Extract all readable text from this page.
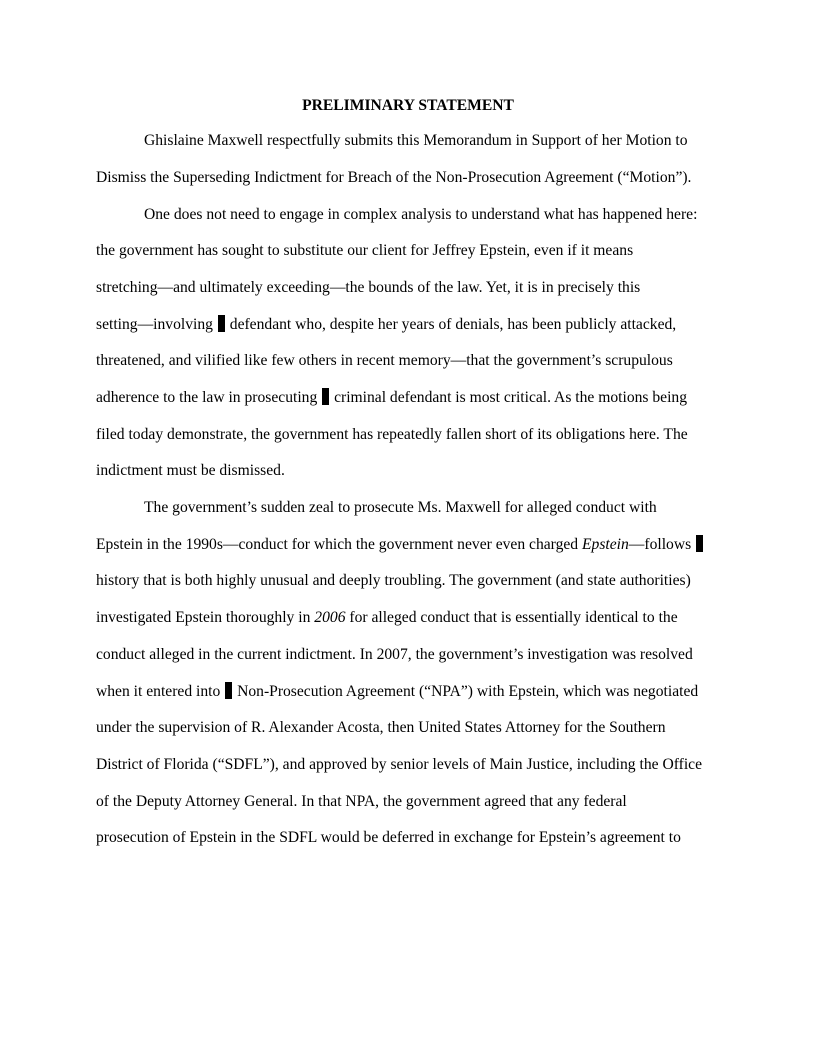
PRELIMINARY STATEMENT
Ghislaine Maxwell respectfully submits this Memorandum in Support of her Motion to
Dismiss the Superseding Indictment for Breach of the Non-Prosecution Agreement (“Motion”).
One does not need to engage in complex analysis to understand what has happened here:
the government has sought to substitute our client for Jeffrey Epstein, even if it means
stretching—and ultimately exceeding—the bounds of the law. Yet, it is in precisely this
setting—involving defendant who, despite her years of denials, has been publicly attacked,
threatened, and vilified like few others in recent memory—that the government’s scrupulous
adherence to the law in prosecuting criminal defendant is most critical. As the motions being
filed today demonstrate, the government has repeatedly fallen short of its obligations here. The
indictment must be dismissed.
The government’s sudden zeal to prosecute Ms. Maxwell for alleged conduct with
Epstein in the 1990s—conduct for which the government never even charged Epstein—follows
history that is both highly unusual and deeply troubling. The government (and state authorities)
investigated Epstein thoroughly in 2006 for alleged conduct that is essentially identical to the
conduct alleged in the current indictment. In 2007, the government’s investigation was resolved
when it entered into Non-Prosecution Agreement (“NPA”) with Epstein, which was negotiated
under the supervision of R. Alexander Acosta, then United States Attorney for the Southern
District of Florida (“SDFL”), and approved by senior levels of Main Justice, including the Office
of the Deputy Attorney General. In that NPA, the government agreed that any federal
prosecution of Epstein in the SDFL would be deferred in exchange for Epstein’s agreement to
